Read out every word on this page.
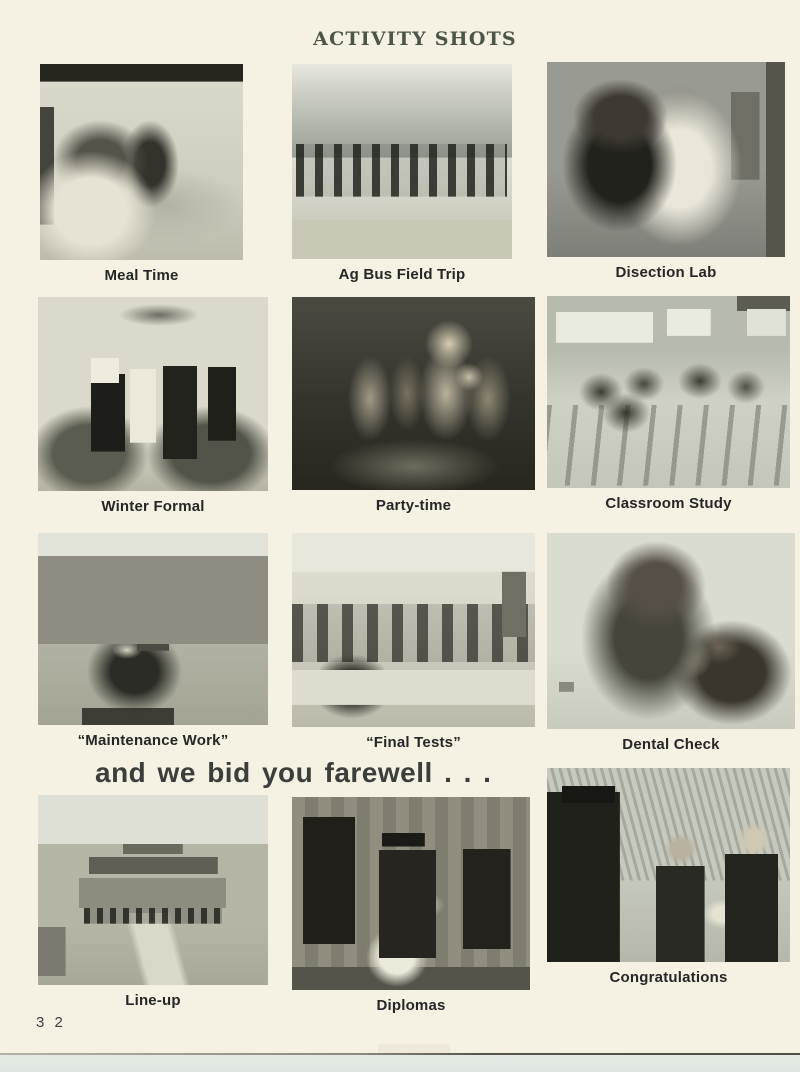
ACTIVITY SHOTS
Meal Time	Ag Bus Field Trip	Disection Lab
Winter Formal	Party-time	Classroom Study
“Maintenance Work”	“Final Tests”	Dental Check
and we bid you farewell . . .
Line-up	Diplomas
Congratulations
3 2
